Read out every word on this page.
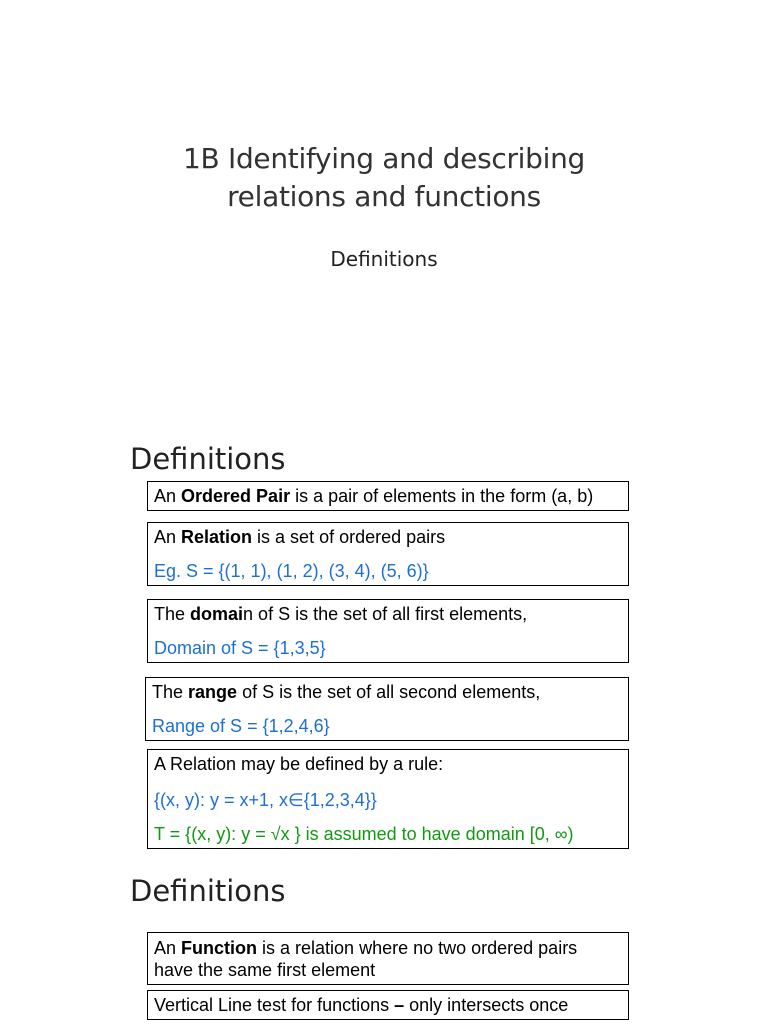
1B Identifying and describing
relations and functions
Definitions
Definitions
An Ordered Pair is a pair of elements in the form (a, b)
An Relation is a set of ordered pairs
Eg. S = {(1, 1), (1, 2), (3, 4), (5, 6)}
The domain of S is the set of all first elements,
Domain of S = {1,3,5}
The range of S is the set of all second elements,
Range of S = {1,2,4,6}
A Relation may be defined by a rule:
{(x, y): y = x+1, x∈{1,2,3,4}}
T = {(x, y): y = √x } is assumed to have domain [0, ∞)
Definitions
An Function is a relation where no two ordered pairs
have the same first element
Vertical Line test for functions – only intersects once
